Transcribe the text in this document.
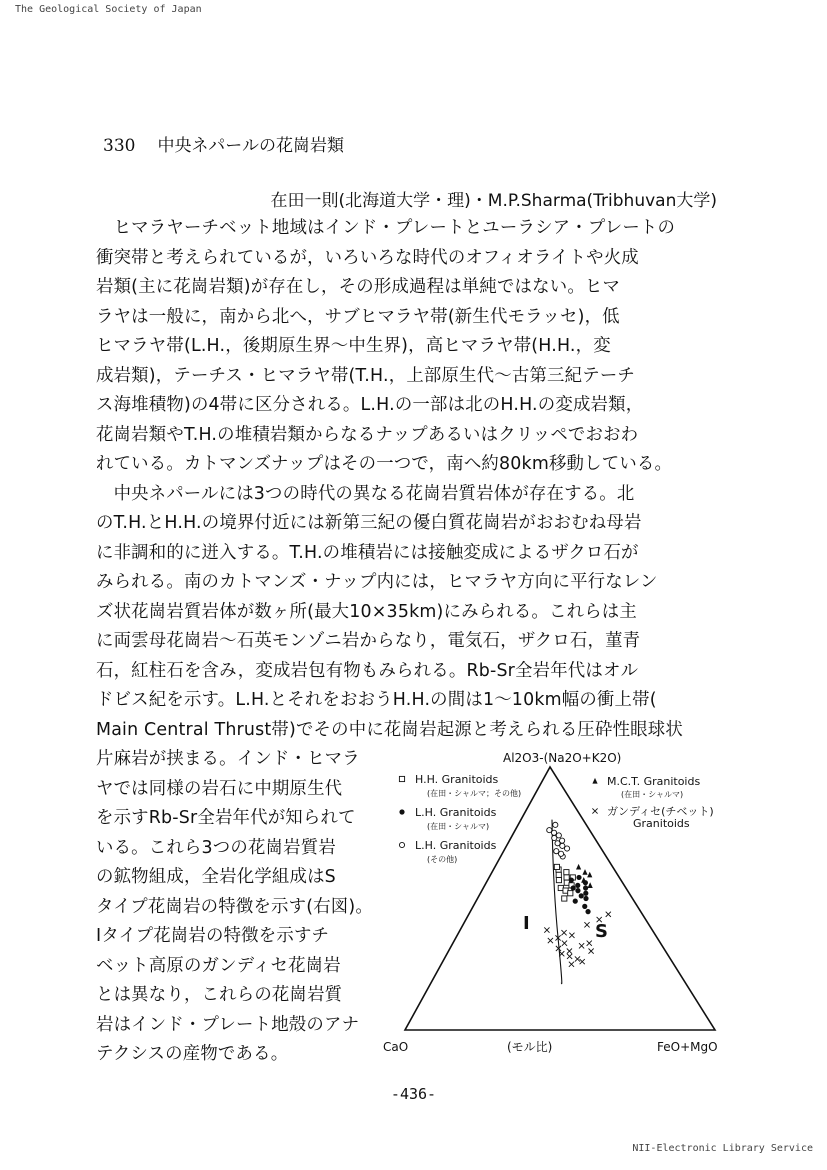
The Geological Society of Japan
330 中央ネパールの花崗岩類
在田一則(北海道大学・理)・M.P.Sharma(Tribhuvan大学)
　ヒマラヤーチベット地域はインド・プレートとユーラシア・プレートの
衝突帯と考えられているが，いろいろな時代のオフィオライトや火成
岩類(主に花崗岩類)が存在し，その形成過程は単純ではない。ヒマ
ラヤは一般に，南から北へ，サブヒマラヤ帯(新生代モラッセ)，低
ヒマラヤ帯(L.H.，後期原生界～中生界)，高ヒマラヤ帯(H.H.，変
成岩類)，テーチス・ヒマラヤ帯(T.H.，上部原生代～古第三紀テーチ
ス海堆積物)の4帯に区分される。L.H.の一部は北のH.H.の変成岩類，
花崗岩類やT.H.の堆積岩類からなるナップあるいはクリッペでおおわ
れている。カトマンズナップはその一つで，南へ約80km移動している。
　中央ネパールには3つの時代の異なる花崗岩質岩体が存在する。北
のT.H.とH.H.の境界付近には新第三紀の優白質花崗岩がおおむね母岩
に非調和的に迸入する。T.H.の堆積岩には接触変成によるザクロ石が
みられる。南のカトマンズ・ナップ内には，ヒマラヤ方向に平行なレン
ズ状花崗岩質岩体が数ヶ所(最大10×35km)にみられる。これらは主
に両雲母花崗岩～石英モンゾニ岩からなり，電気石，ザクロ石，菫青
石，紅柱石を含み，変成岩包有物もみられる。Rb-Sr全岩年代はオル
ドビス紀を示す。L.H.とそれをおおうH.H.の間は1～10km幅の衝上帯(
Main Central Thrust帯)でその中に花崗岩起源と考えられる圧砕性眼球状
片麻岩が挟まる。インド・ヒマラ
ヤでは同様の岩石に中期原生代
を示すRb-Sr全岩年代が知られて
いる。これら3つの花崗岩質岩
の鉱物組成，全岩化学組成はS
タイプ花崗岩の特徴を示す(右図)。
Iタイプ花崗岩の特徴を示すチ
ベット高原のガンディセ花崗岩
とは異なり，これらの花崗岩質
岩はインド・プレート地殻のアナ
テクシスの産物である。
Al2O3-(Na2O+K2O)
CaO	FeO+MgO
(モル比)
I	S
H.H. Granitoids
(在田・シャルマ；その他)
L.H. Granitoids
(在田・シャルマ)
L.H. Granitoids
(その他)
M.C.T. Granitoids
(在田・シャルマ)
ガンディセ(チベット)
Granitoids
-436-
NII-Electronic Library Service
